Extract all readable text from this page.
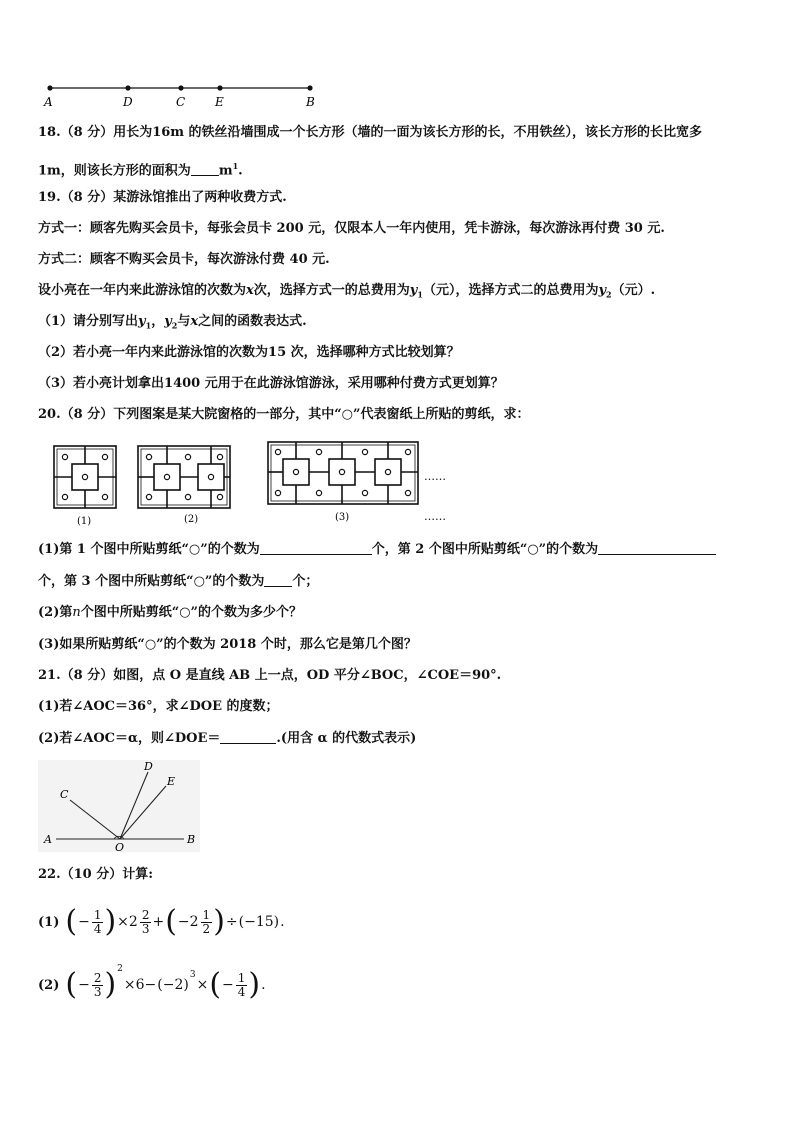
A	D	C E	B
18.（8 分）用长为16m 的铁丝沿墙围成一个长方形（墙的一面为该长方形的长，不用铁丝），该长方形的长比宽多
1m，则该长方形的面积为 $m^1$.
19.（8 分）某游泳馆推出了两种收费方式.
方式一：顾客先购买会员卡，每张会员卡 200 元，仅限本人一年内使用，凭卡游泳，每次游泳再付费 30 元.
方式二：顾客不购买会员卡，每次游泳付费 40 元.
设小亮在一年内来此游泳馆的次数为x次，选择方式一的总费用为$y_1$（元），选择方式二的总费用为$y_2$（元）.
（1）请分别写出$y_1$，$y_2$与x之间的函数表达式.
（2）若小亮一年内来此游泳馆的次数为15 次，选择哪种方式比较划算？
（3）若小亮计划拿出1400 元用于在此游泳馆游泳，采用哪种付费方式更划算？
20.（8 分）下列图案是某大院窗格的一部分，其中“○”代表窗纸上所贴的剪纸，求：
(1)	(2)	(3)
……
……
(1)第 1 个图中所贴剪纸“○”的个数为	个，第 2 个图中所贴剪纸“○”的个数为
个，第 3 个图中所贴剪纸“○”的个数为 个；
(2)第n个图中所贴剪纸“○”的个数为多少个？
(3)如果所贴剪纸“○”的个数为 2018 个时，那么它是第几个图？
21.（8 分）如图，点 O 是直线 AB 上一点，OD 平分∠BOC，∠COE＝90°.
(1)若∠AOC＝36°，求∠DOE 的度数；
(2)若∠AOC＝α，则∠DOE＝	.(用含 α 的代数式表示)
C
D
E
A
O
B
22.（10 分）计算:
(1) ( − $\frac{1}{4}$ ) $\times 2 \frac{2}{3}$ + ( $-2 \frac{1}{2}$ ) ÷ (−15) .
(2) ( − $\frac{2}{3} )^2$
×6− (−2)
$^3$
× ( − $\frac{1}{4}$ ) .
